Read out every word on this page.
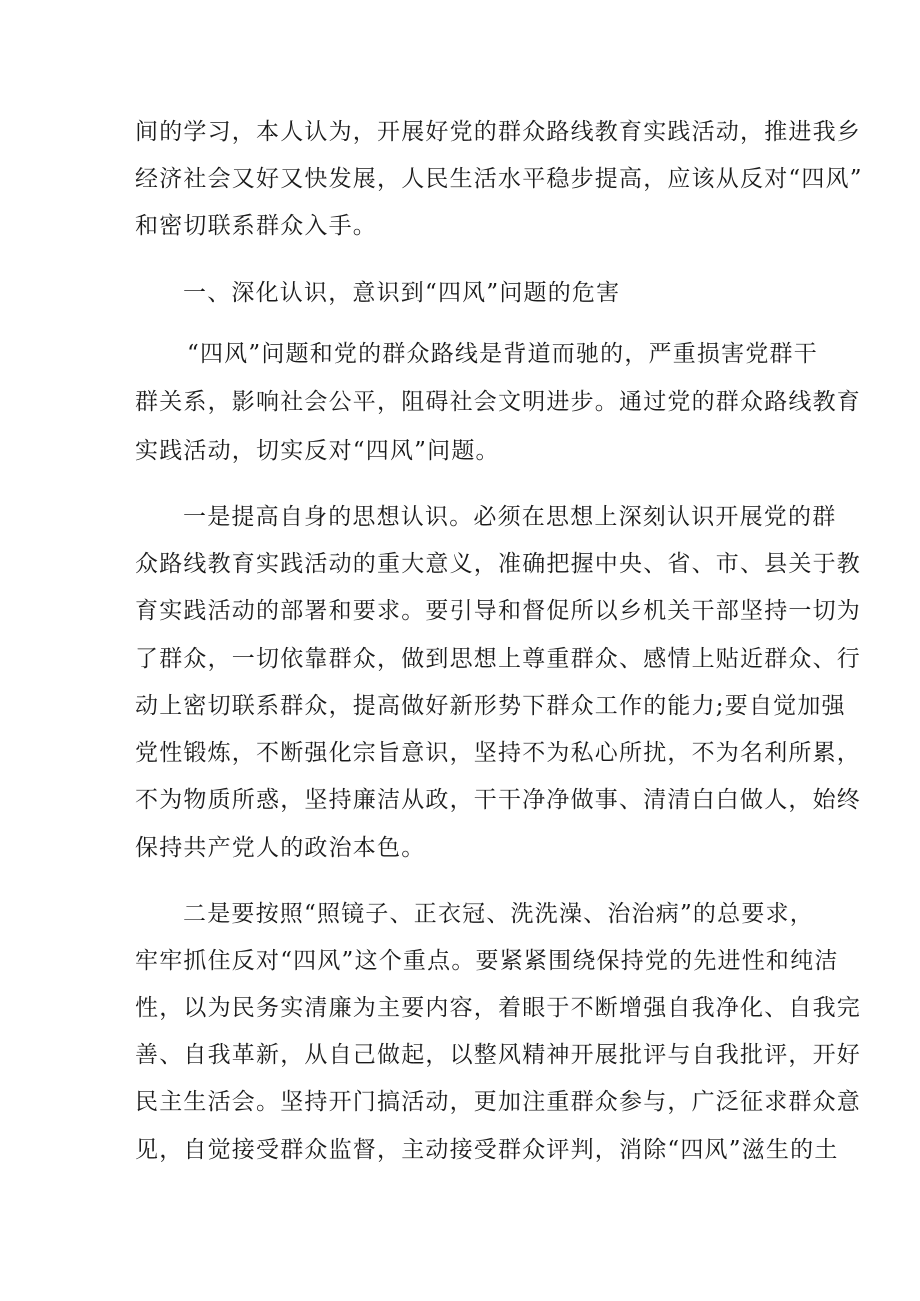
间的学习，本人认为，开展好党的群众路线教育实践活动，推进我乡
经济社会又好又快发展，人民生活水平稳步提高，应该从反对“四风”
和密切联系群众入手。
一、深化认识，意识到“四风”问题的危害
“四风”问题和党的群众路线是背道而驰的，严重损害党群干
群关系，影响社会公平，阻碍社会文明进步。通过党的群众路线教育
实践活动，切实反对“四风”问题。
一是提高自身的思想认识。必须在思想上深刻认识开展党的群
众路线教育实践活动的重大意义，准确把握中央、省、市、县关于教
育实践活动的部署和要求。要引导和督促所以乡机关干部坚持一切为
了群众，一切依靠群众，做到思想上尊重群众、感情上贴近群众、行
动上密切联系群众，提高做好新形势下群众工作的能力;要自觉加强
党性锻炼，不断强化宗旨意识，坚持不为私心所扰，不为名利所累，
不为物质所惑，坚持廉洁从政，干干净净做事、清清白白做人，始终
保持共产党人的政治本色。
二是要按照“照镜子、正衣冠、洗洗澡、治治病”的总要求，
牢牢抓住反对“四风”这个重点。要紧紧围绕保持党的先进性和纯洁
性，以为民务实清廉为主要内容，着眼于不断增强自我净化、自我完
善、自我革新，从自己做起，以整风精神开展批评与自我批评，开好
民主生活会。坚持开门搞活动，更加注重群众参与，广泛征求群众意
见，自觉接受群众监督，主动接受群众评判，消除“四风”滋生的土
